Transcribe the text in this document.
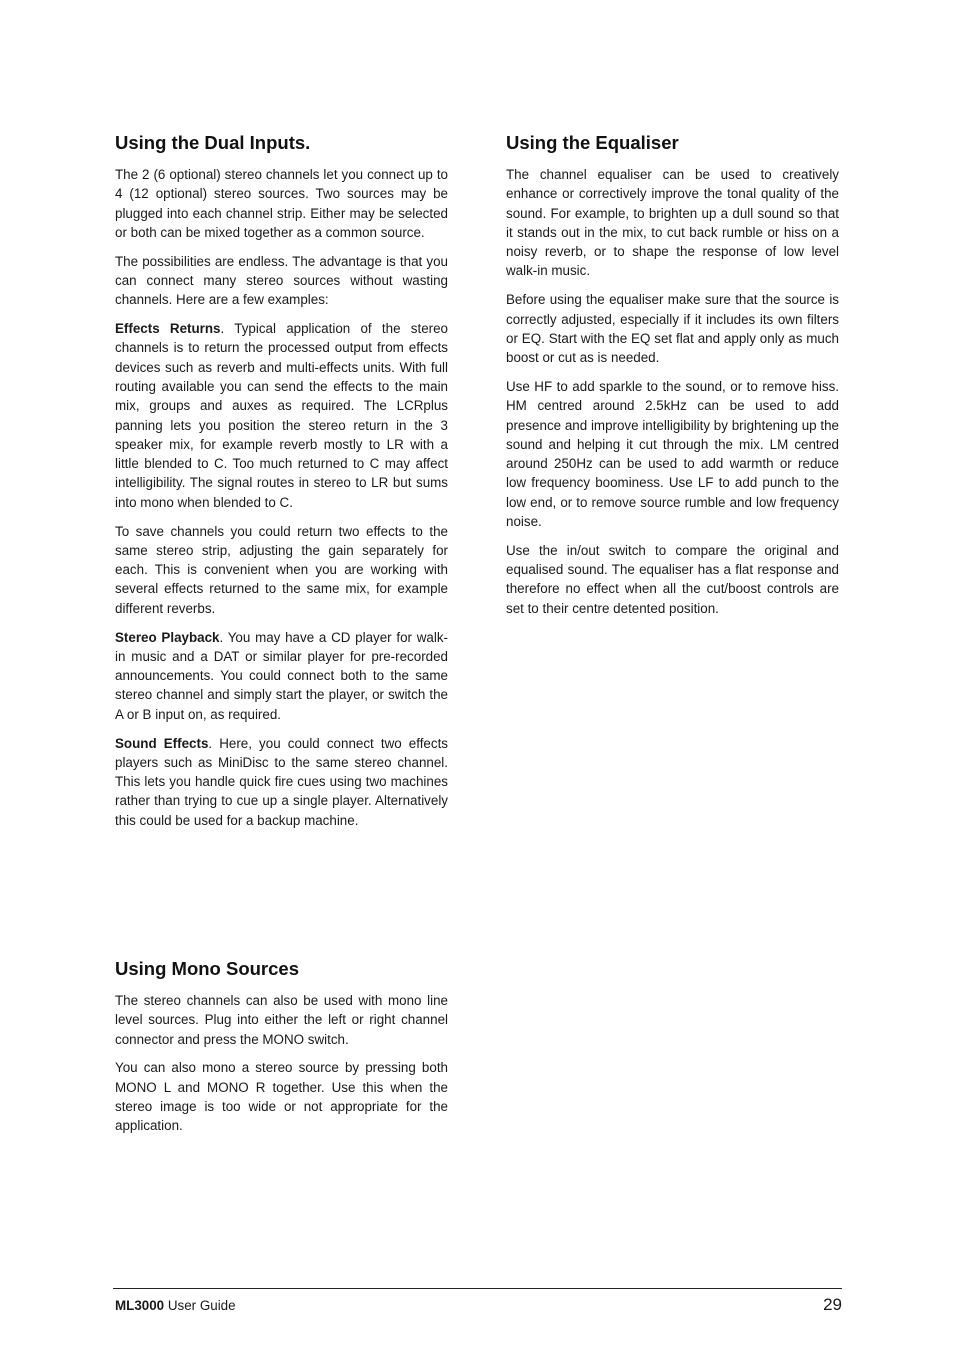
Using the Dual Inputs.

The 2 (6 optional) stereo channels let you connect up to 4 (12 optional) stereo sources. Two sources may be plugged into each channel strip. Either may be selected or both can be mixed together as a common source.

The possibilities are endless. The advantage is that you can connect many stereo sources without wasting channels. Here are a few examples:

Effects Returns. Typical application of the stereo channels is to return the processed output from effects devices such as reverb and multi-effects units. With full routing available you can send the effects to the main mix, groups and auxes as required. The LCRplus panning lets you position the stereo return in the 3 speaker mix, for example reverb mostly to LR with a little blended to C. Too much returned to C may affect intelligibility. The signal routes in stereo to LR but sums into mono when blended to C.

To save channels you could return two effects to the same stereo strip, adjusting the gain separately for each. This is convenient when you are working with several effects returned to the same mix, for example different reverbs.

Stereo Playback. You may have a CD player for walk-in music and a DAT or similar player for pre-recorded announcements. You could connect both to the same stereo channel and simply start the player, or switch the A or B input on, as required.

Sound Effects. Here, you could connect two effects players such as MiniDisc to the same stereo channel. This lets you handle quick fire cues using two machines rather than trying to cue up a single player. Alternatively this could be used for a backup machine.

Using Mono Sources

The stereo channels can also be used with mono line level sources. Plug into either the left or right channel connector and press the MONO switch.

You can also mono a stereo source by pressing both MONO L and MONO R together. Use this when the stereo image is too wide or not appropriate for the application.

Using the Equaliser

The channel equaliser can be used to creatively enhance or correctively improve the tonal quality of the sound. For example, to brighten up a dull sound so that it stands out in the mix, to cut back rumble or hiss on a noisy reverb, or to shape the response of low level walk-in music.

Before using the equaliser make sure that the source is correctly adjusted, especially if it includes its own filters or EQ. Start with the EQ set flat and apply only as much boost or cut as is needed.

Use HF to add sparkle to the sound, or to remove hiss. HM centred around 2.5kHz can be used to add presence and improve intelligibility by brightening up the sound and helping it cut through the mix. LM centred around 250Hz can be used to add warmth or reduce low frequency boominess. Use LF to add punch to the low end, or to remove source rumble and low frequency noise.

Use the in/out switch to compare the original and equalised sound. The equaliser has a flat response and therefore no effect when all the cut/boost controls are set to their centre detented position.

ML3000 User Guide	29
